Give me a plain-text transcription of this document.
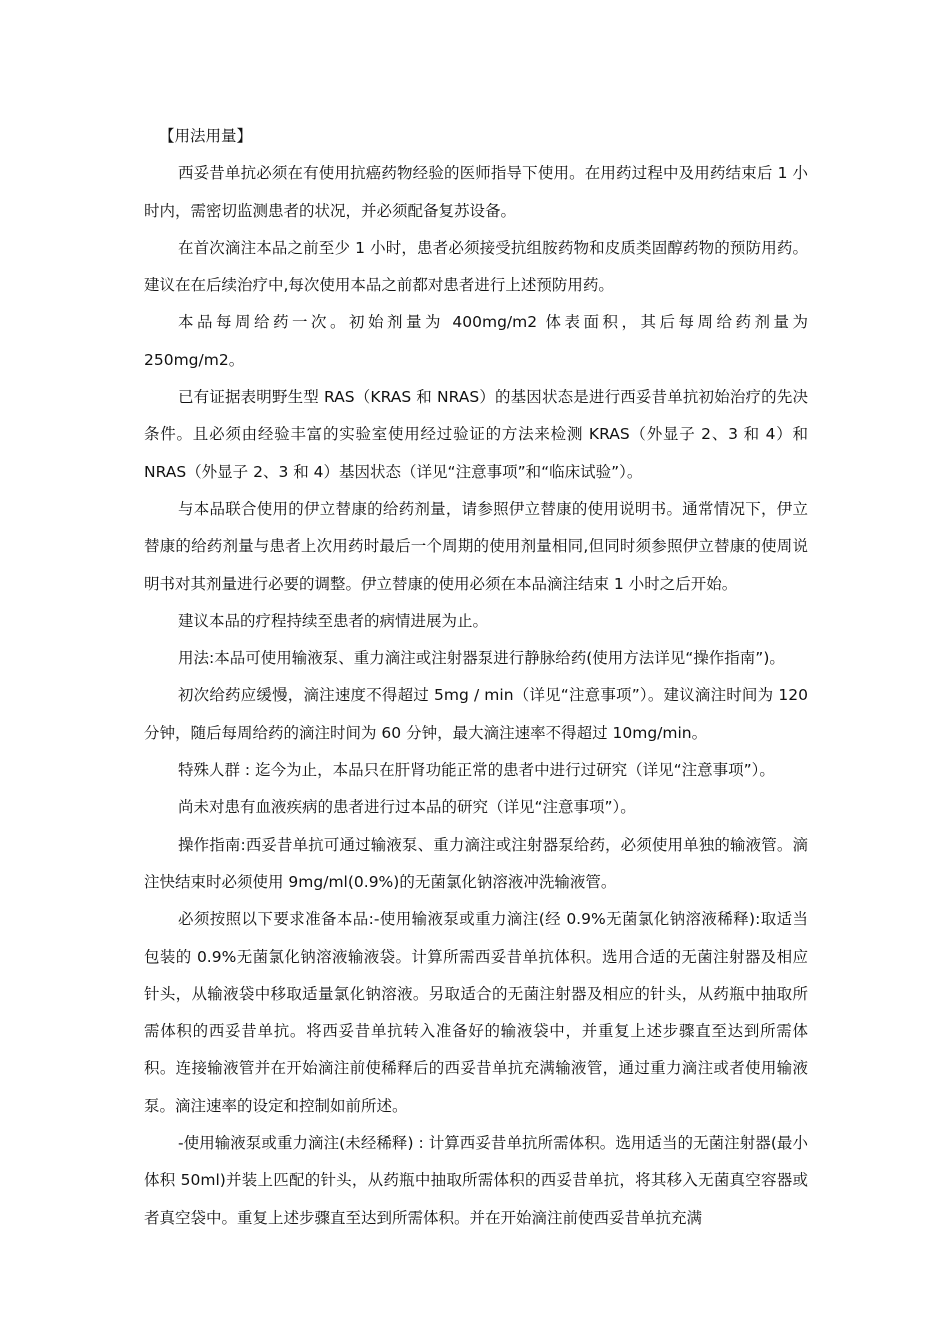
【用法用量】

西妥昔单抗必须在有使用抗癌药物经验的医师指导下使用。在用药过程中及用药结束后 1 小时内，需密切监测患者的状况，并必须配备复苏设备。

在首次滴注本品之前至少 1 小时，患者必须接受抗组胺药物和皮质类固醇药物的预防用药。建议在在后续治疗中,每次使用本品之前都对患者进行上述预防用药。

本品每周给药一次。初始剂量为 400mg/m2 体表面积，其后每周给药剂量为 250mg/m2。

已有证据表明野生型 RAS（KRAS 和 NRAS）的基因状态是进行西妥昔单抗初始治疗的先决条件。且必须由经验丰富的实验室使用经过验证的方法来检测 KRAS（外显子 2、3 和 4）和 NRAS（外显子 2、3 和 4）基因状态（详见“注意事项”和“临床试验”）。

与本品联合使用的伊立替康的给药剂量，请参照伊立替康的使用说明书。通常情况下，伊立替康的给药剂量与患者上次用药时最后一个周期的使用剂量相同,但同时须参照伊立替康的使周说明书对其剂量进行必要的调整。伊立替康的使用必须在本品滴注结束 1 小时之后开始。

建议本品的疗程持续至患者的病情进展为止。

用法:本品可使用输液泵、重力滴注或注射器泵进行静脉给药(使用方法详见“操作指南”)。

初次给药应缓慢，滴注速度不得超过 5mg / min（详见“注意事项”）。建议滴注时间为 120 分钟，随后每周给药的滴注时间为 60 分钟，最大滴注速率不得超过 10mg/min。

特殊人群 : 迄今为止，本品只在肝肾功能正常的患者中进行过研究（详见“注意事项”）。

尚未对患有血液疾病的患者进行过本品的研究（详见“注意事项”）。

操作指南:西妥昔单抗可通过输液泵、重力滴注或注射器泵给药，必须使用单独的输液管。滴注快结束时必须使用 9mg/ml(0.9%)的无菌氯化钠溶液冲洗输液管。

必须按照以下要求准备本品:-使用输液泵或重力滴注(经 0.9%无菌氯化钠溶液稀释):取适当包装的 0.9%无菌氯化钠溶液输液袋。计算所需西妥昔单抗体积。选用合适的无菌注射器及相应针头，从输液袋中移取适量氯化钠溶液。另取适合的无菌注射器及相应的针头，从药瓶中抽取所需体积的西妥昔单抗。将西妥昔单抗转入准备好的输液袋中，并重复上述步骤直至达到所需体积。连接输液管并在开始滴注前使稀释后的西妥昔单抗充满输液管，通过重力滴注或者使用输液泵。滴注速率的设定和控制如前所述。

-使用输液泵或重力滴注(未经稀释) : 计算西妥昔单抗所需体积。选用适当的无菌注射器(最小体积 50ml)并装上匹配的针头，从药瓶中抽取所需体积的西妥昔单抗，将其移入无菌真空容器或者真空袋中。重复上述步骤直至达到所需体积。并在开始滴注前使西妥昔单抗充满
